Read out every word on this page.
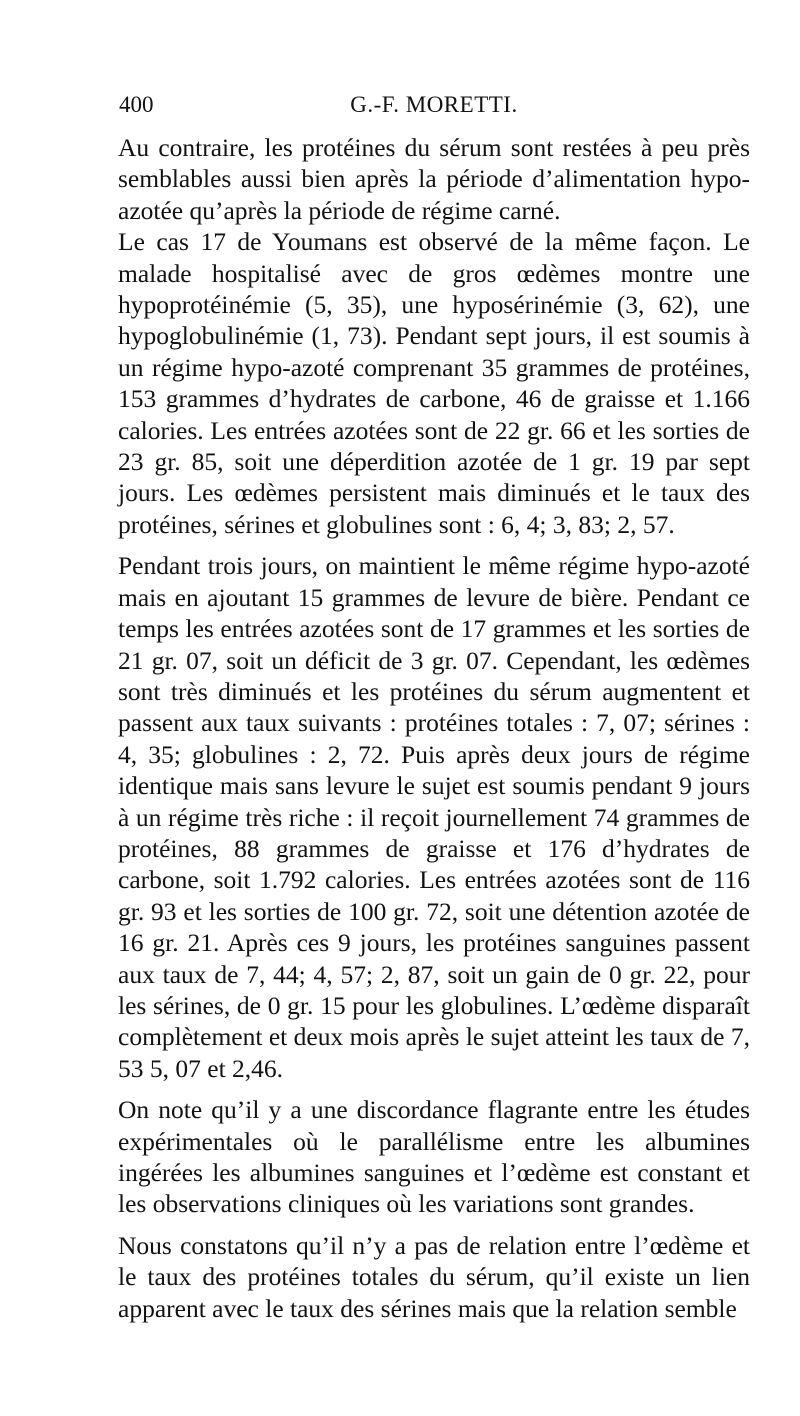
400	G.-F. MORETTI.

Au contraire, les protéines du sérum sont restées à peu près semblables aussi bien après la période d’alimentation hypo-azotée qu’après la période de régime carné.

Le cas 17 de Youmans est observé de la même façon. Le malade hospitalisé avec de gros œdèmes montre une hypoprotéinémie (5, 35), une hyposérinémie (3, 62), une hypoglobulinémie (1, 73). Pendant sept jours, il est soumis à un régime hypo-azoté comprenant 35 grammes de protéines, 153 grammes d’hydrates de carbone, 46 de graisse et 1.166 calories. Les entrées azotées sont de 22 gr. 66 et les sorties de 23 gr. 85, soit une déperdition azotée de 1 gr. 19 par sept jours. Les œdèmes persistent mais diminués et le taux des protéines, sérines et globulines sont : 6, 4; 3, 83; 2, 57.

Pendant trois jours, on maintient le même régime hypo-azoté mais en ajoutant 15 grammes de levure de bière. Pendant ce temps les entrées azotées sont de 17 grammes et les sorties de 21 gr. 07, soit un déficit de 3 gr. 07. Cependant, les œdèmes sont très diminués et les protéines du sérum augmentent et passent aux taux suivants : protéines totales : 7, 07; sérines : 4, 35; globulines : 2, 72. Puis après deux jours de régime identique mais sans levure le sujet est soumis pendant 9 jours à un régime très riche : il reçoit journellement 74 grammes de protéines, 88 grammes de graisse et 176 d’hydrates de carbone, soit 1.792 calories. Les entrées azotées sont de 116 gr. 93 et les sorties de 100 gr. 72, soit une détention azotée de 16 gr. 21. Après ces 9 jours, les protéines sanguines passent aux taux de 7, 44; 4, 57; 2, 87, soit un gain de 0 gr. 22, pour les sérines, de 0 gr. 15 pour les globulines. L’œdème disparaît complètement et deux mois après le sujet atteint les taux de 7, 53 5, 07 et 2,46.

On note qu’il y a une discordance flagrante entre les études expérimentales où le parallélisme entre les albumines ingérées les albumines sanguines et l’œdème est constant et les observations cliniques où les variations sont grandes.

Nous constatons qu’il n’y a pas de relation entre l’œdème et le taux des protéines totales du sérum, qu’il existe un lien apparent avec le taux des sérines mais que la relation semble
